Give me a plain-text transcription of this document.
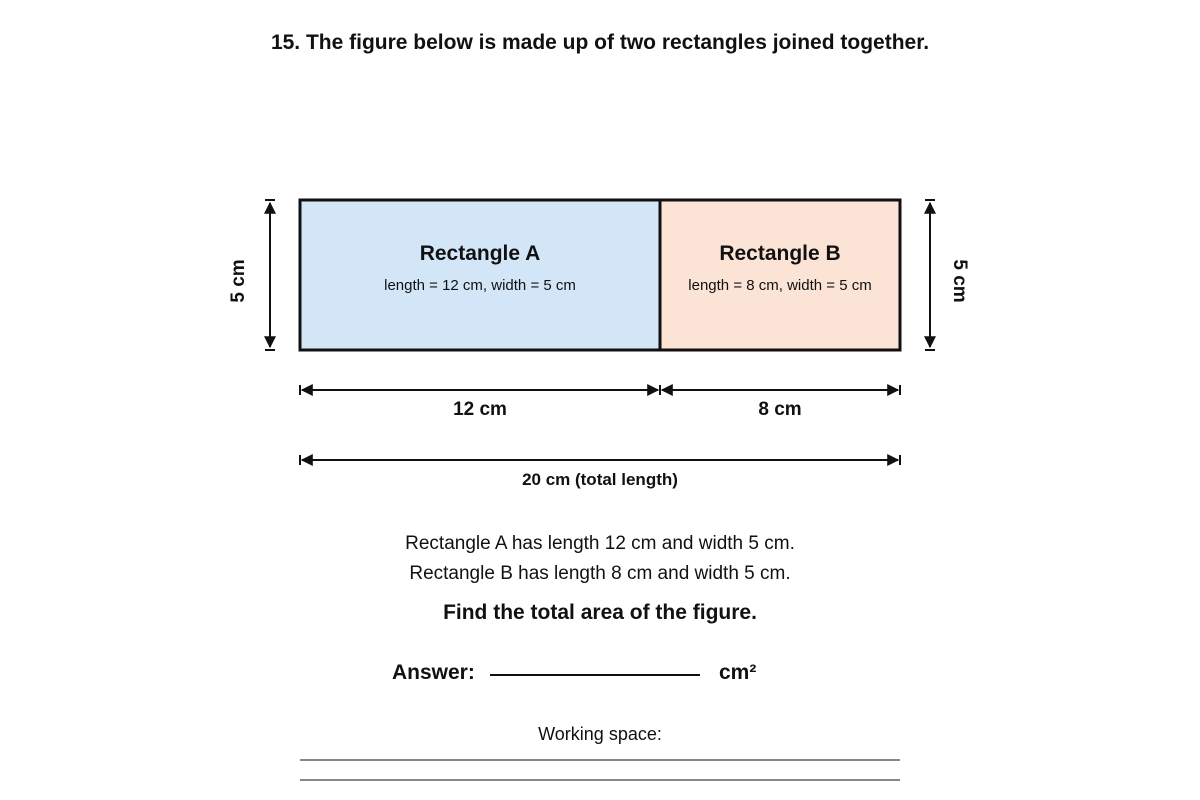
15. The figure below is made up of two rectangles joined together.
Rectangle A
length = 12 cm, width = 5 cm
Rectangle B
length = 8 cm, width = 5 cm
5 cm	5 cm
12 cm	8 cm
20 cm (total length)
Rectangle A has length 12 cm and width 5 cm.
Rectangle B has length 8 cm and width 5 cm.
Find the total area of the figure.
Answer:	cm²
Working space:
